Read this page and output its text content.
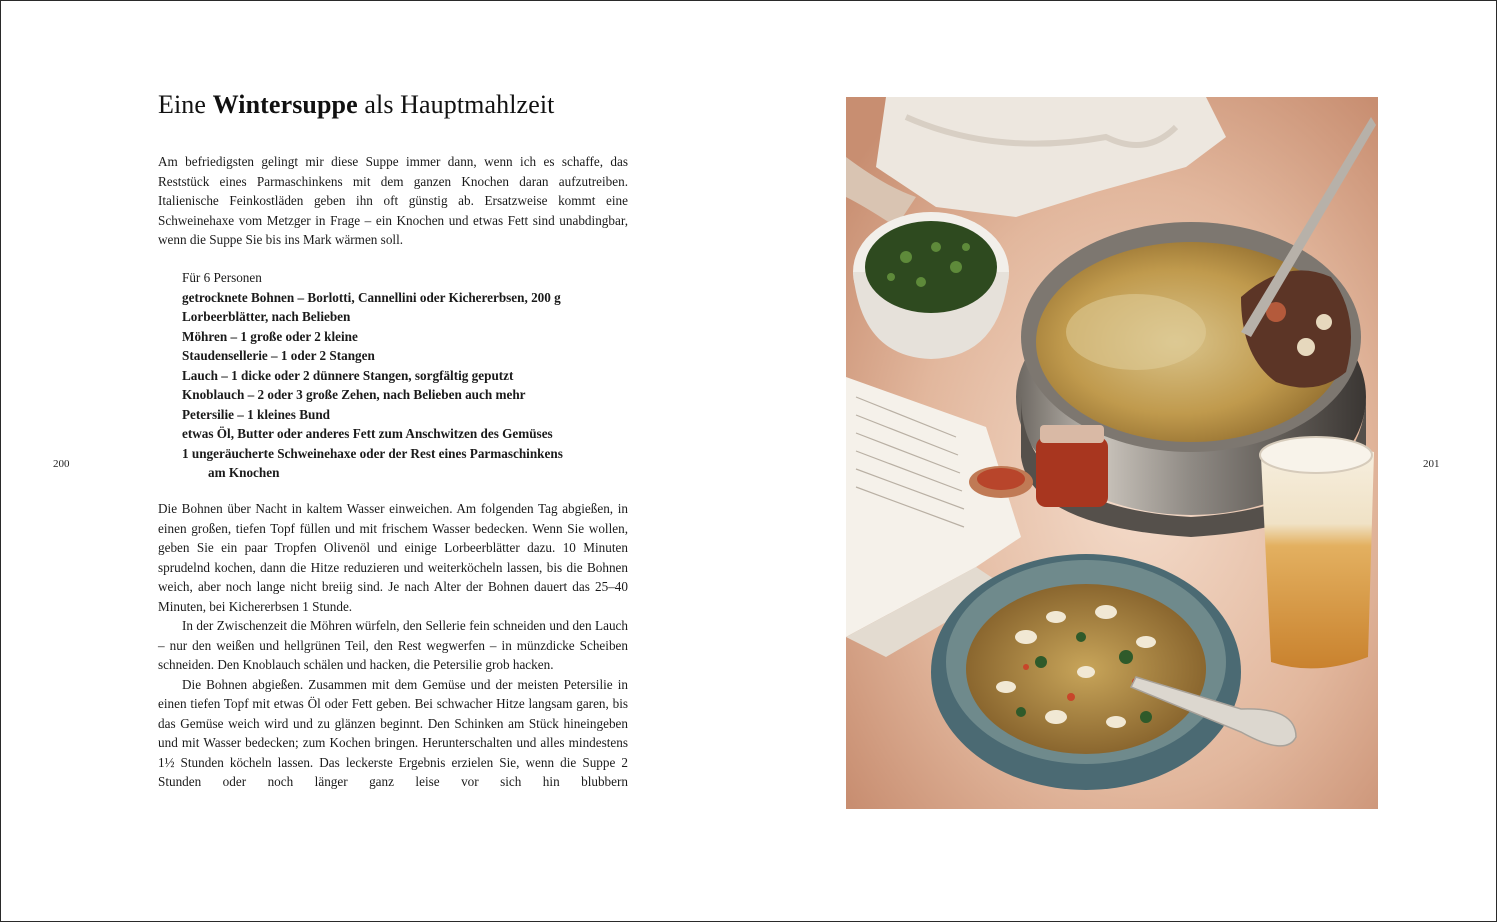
Eine Wintersuppe als Hauptmahlzeit

Am befriedigsten gelingt mir diese Suppe immer dann, wenn ich es schaffe, das Reststück eines Parmaschinkens mit dem ganzen Knochen daran aufzutreiben. Italienische Feinkostläden geben ihn oft günstig ab. Ersatzweise kommt eine Schweinehaxe vom Metzger in Frage – ein Knochen und etwas Fett sind unabdingbar, wenn die Suppe Sie bis ins Mark wärmen soll.

Für 6 Personen
getrocknete Bohnen – Borlotti, Cannellini oder Kichererbsen, 200 g
Lorbeerblätter, nach Belieben
Möhren – 1 große oder 2 kleine
Staudensellerie – 1 oder 2 Stangen
Lauch – 1 dicke oder 2 dünnere Stangen, sorgfältig geputzt
Knoblauch – 2 oder 3 große Zehen, nach Belieben auch mehr
Petersilie – 1 kleines Bund
etwas Öl, Butter oder anderes Fett zum Anschwitzen des Gemüses
1 ungeräucherte Schweinehaxe oder der Rest eines Parmaschinkens
am Knochen

Die Bohnen über Nacht in kaltem Wasser einweichen. Am folgenden Tag abgießen, in einen großen, tiefen Topf füllen und mit frischem Wasser bedecken. Wenn Sie wollen, geben Sie ein paar Tropfen Olivenöl und einige Lorbeerblätter dazu. 10 Minuten sprudelnd kochen, dann die Hitze reduzieren und weiterköcheln lassen, bis die Bohnen weich, aber noch lange nicht breiig sind. Je nach Alter der Bohnen dauert das 25–40 Minuten, bei Kichererbsen 1 Stunde.

In der Zwischenzeit die Möhren würfeln, den Sellerie fein schneiden und den Lauch – nur den weißen und hellgrünen Teil, den Rest wegwerfen – in münzdicke Scheiben schneiden. Den Knoblauch schälen und hacken, die Petersilie grob hacken.

Die Bohnen abgießen. Zusammen mit dem Gemüse und der meisten Petersilie in einen tiefen Topf mit etwas Öl oder Fett geben. Bei schwacher Hitze langsam garen, bis das Gemüse weich wird und zu glänzen beginnt. Den Schinken am Stück hineingeben und mit Wasser bedecken; zum Kochen bringen. Herunterschalten und alles mindestens 1½ Stunden köcheln lassen. Das leckerste Ergebnis erzielen Sie, wenn die Suppe 2 Stunden oder noch länger ganz leise vor sich hin blubbern

200	201
